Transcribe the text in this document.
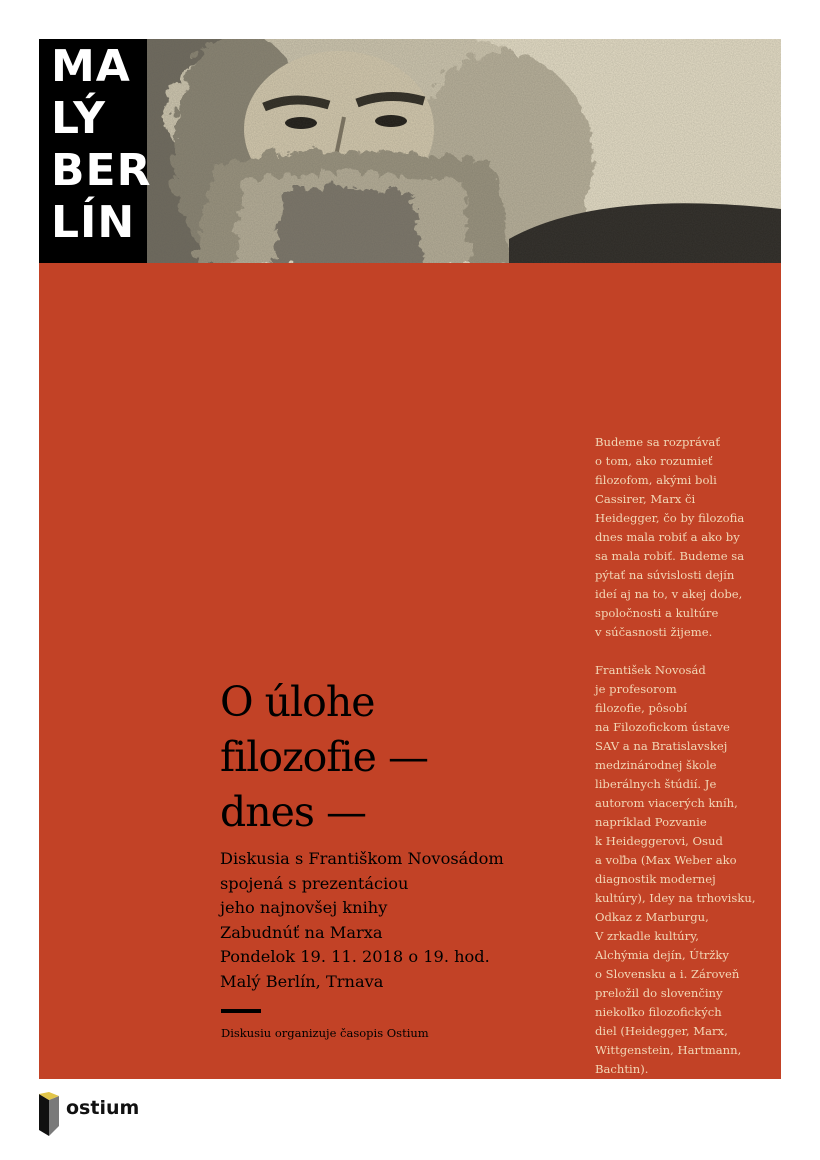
MA
LÝ
BER
LÍN
O úlohe
filozofie —
dnes —
Diskusia s Františkom Novosádom
spojená s prezentáciou
jeho najnovšej knihy
Zabudnúť na Marxa
Pondelok 19. 11. 2018 o 19. hod.
Malý Berlín, Trnava
Diskusiu organizuje časopis Ostium
Budeme sa rozprávať
o tom, ako rozumieť
filozofom, akými boli
Cassirer, Marx či
Heidegger, čo by filozofia
dnes mala robiť a ako by
sa mala robiť. Budeme sa
pýtať na súvislosti dejín
ideí aj na to, v akej dobe,
spoločnosti a kultúre
v súčasnosti žijeme.
František Novosád
je profesorom
filozofie, pôsobí
na Filozofickom ústave
SAV a na Bratislavskej
medzinárodnej škole
liberálnych štúdií. Je
autorom viacerých kníh,
napríklad Pozvanie
k Heideggerovi, Osud
a voľba (Max Weber ako
diagnostik modernej
kultúry), Idey na trhovisku,
Odkaz z Marburgu,
V zrkadle kultúry,
Alchýmia dejín, Útržky
o Slovensku a i. Zároveň
preložil do slovenčiny
niekoľko filozofických
diel (Heidegger, Marx,
Wittgenstein, Hartmann,
Bachtin).
ostium
